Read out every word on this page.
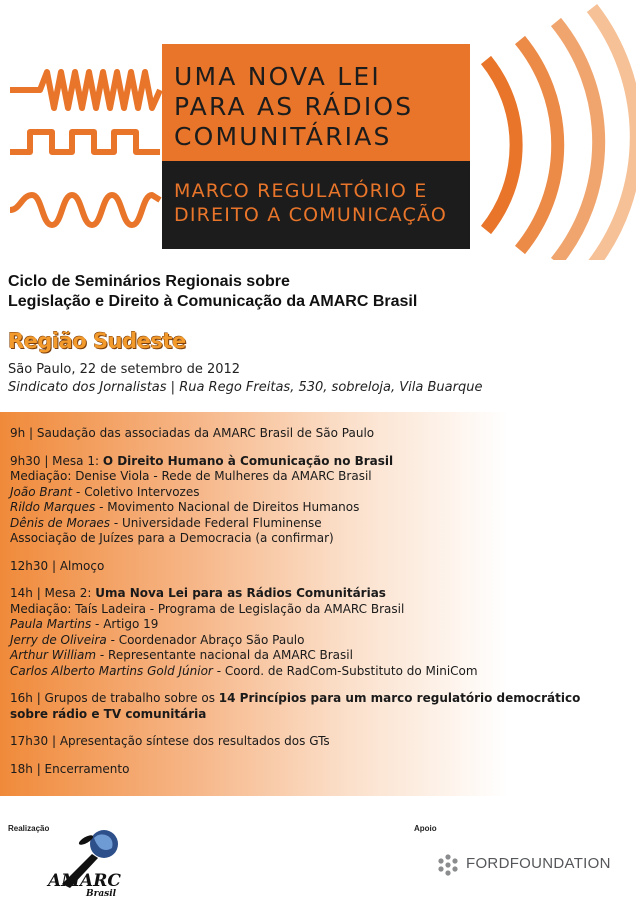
UMA NOVA LEI
PARA AS RÁDIOS
COMUNITÁRIAS
MARCO REGULATÓRIO E
DIREITO A COMUNICAÇÃO
Ciclo de Seminários Regionais sobre
Legislação e Direito à Comunicação da AMARC Brasil
Região Sudeste
São Paulo, 22 de setembro de 2012
Sindicato dos Jornalistas | Rua Rego Freitas, 530, sobreloja, Vila Buarque

9h | Saudação das associadas da AMARC Brasil de São Paulo

9h30 | Mesa 1: O Direito Humano à Comunicação no Brasil

Mediação: Denise Viola - Rede de Mulheres da AMARC Brasil

João Brant - Coletivo Intervozes

Rildo Marques - Movimento Nacional de Direitos Humanos

Dênis de Moraes - Universidade Federal Fluminense

Associação de Juízes para a Democracia (a confirmar)

12h30 | Almoço

14h | Mesa 2: Uma Nova Lei para as Rádios Comunitárias

Mediação: Taís Ladeira - Programa de Legislação da AMARC Brasil

Paula Martins - Artigo 19

Jerry de Oliveira - Coordenador Abraço São Paulo

Arthur William - Representante nacional da AMARC Brasil

Carlos Alberto Martins Gold Júnior - Coord. de RadCom-Substituto do MiniCom

16h | Grupos de trabalho sobre os 14 Princípios para um marco regulatório democrático sobre rádio e TV comunitária

17h30 | Apresentação síntese dos resultados dos GTs

18h | Encerramento

Realização	Apoio
AMARC
Brasil
FORDFOUNDATION
